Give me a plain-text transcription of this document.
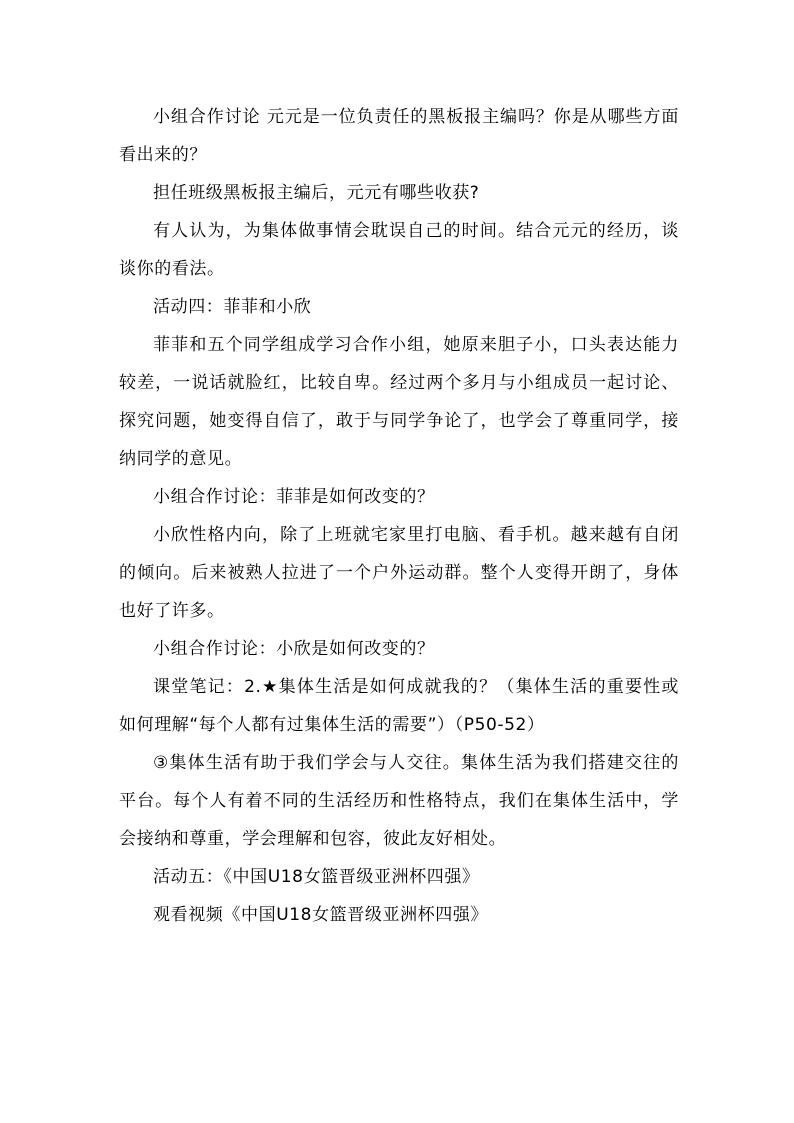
小组合作讨论 元元是一位负责任的黑板报主编吗？你是从哪些方面看出来的？

担任班级黑板报主编后，元元有哪些收获?

有人认为，为集体做事情会耽误自己的时间。结合元元的经历，谈谈你的看法。

活动四：菲菲和小欣

菲菲和五个同学组成学习合作小组，她原来胆子小，口头表达能力较差，一说话就脸红，比较自卑。经过两个多月与小组成员一起讨论、探究问题，她变得自信了，敢于与同学争论了，也学会了尊重同学，接纳同学的意见。

小组合作讨论：菲菲是如何改变的？

小欣性格内向，除了上班就宅家里打电脑、看手机。越来越有自闭的倾向。后来被熟人拉进了一个户外运动群。整个人变得开朗了，身体也好了许多。

小组合作讨论：小欣是如何改变的？

课堂笔记：2.★集体生活是如何成就我的？（集体生活的重要性或如何理解“每个人都有过集体生活的需要”）（P50-52）

③集体生活有助于我们学会与人交往。集体生活为我们搭建交往的平台。每个人有着不同的生活经历和性格特点，我们在集体生活中，学会接纳和尊重，学会理解和包容，彼此友好相处。

活动五：《中国U18女篮晋级亚洲杯四强》

观看视频《中国U18女篮晋级亚洲杯四强》
